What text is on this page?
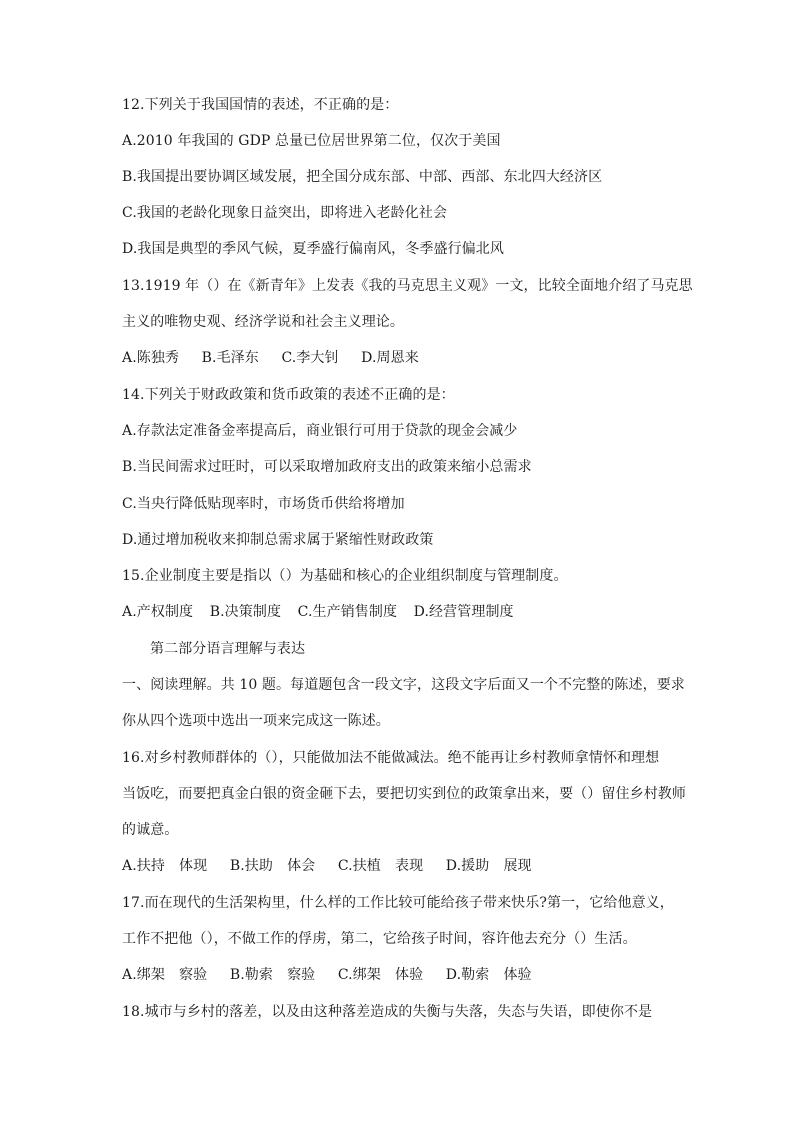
12.下列关于我国国情的表述，不正确的是：
A.2010 年我国的 GDP 总量已位居世界第二位，仅次于美国
B.我国提出要协调区域发展，把全国分成东部、中部、西部、东北四大经济区
C.我国的老龄化现象日益突出，即将进入老龄化社会
D.我国是典型的季风气候，夏季盛行偏南风，冬季盛行偏北风
13.1919 年（）在《新青年》上发表《我的马克思主义观》一文，比较全面地介绍了马克思
主义的唯物史观、经济学说和社会主义理论。
A.陈独秀 B.毛泽东 C.李大钊 D.周恩来
14.下列关于财政政策和货币政策的表述不正确的是：
A.存款法定准备金率提高后，商业银行可用于贷款的现金会减少
B.当民间需求过旺时，可以采取增加政府支出的政策来缩小总需求
C.当央行降低贴现率时，市场货币供给将增加
D.通过增加税收来抑制总需求属于紧缩性财政政策
15.企业制度主要是指以（）为基础和核心的企业组织制度与管理制度。
A.产权制度 B.决策制度 C.生产销售制度 D.经营管理制度
第二部分语言理解与表达
一、阅读理解。共 10 题。每道题包含一段文字，这段文字后面又一个不完整的陈述，要求
你从四个选项中选出一项来完成这一陈述。
16.对乡村教师群体的（），只能做加法不能做减法。绝不能再让乡村教师拿情怀和理想
当饭吃，而要把真金白银的资金砸下去，要把切实到位的政策拿出来，要（）留住乡村教师
的诚意。
A.扶持　体现 B.扶助　体会 C.扶植　表现 D.援助　展现
17.而在现代的生活架构里，什么样的工作比较可能给孩子带来快乐?第一，它给他意义，
工作不把他（），不做工作的俘虏，第二，它给孩子时间，容许他去充分（）生活。
A.绑架　察验 B.勒索　察验 C.绑架　体验 D.勒索　体验
18.城市与乡村的落差，以及由这种落差造成的失衡与失落，失态与失语，即使你不是
